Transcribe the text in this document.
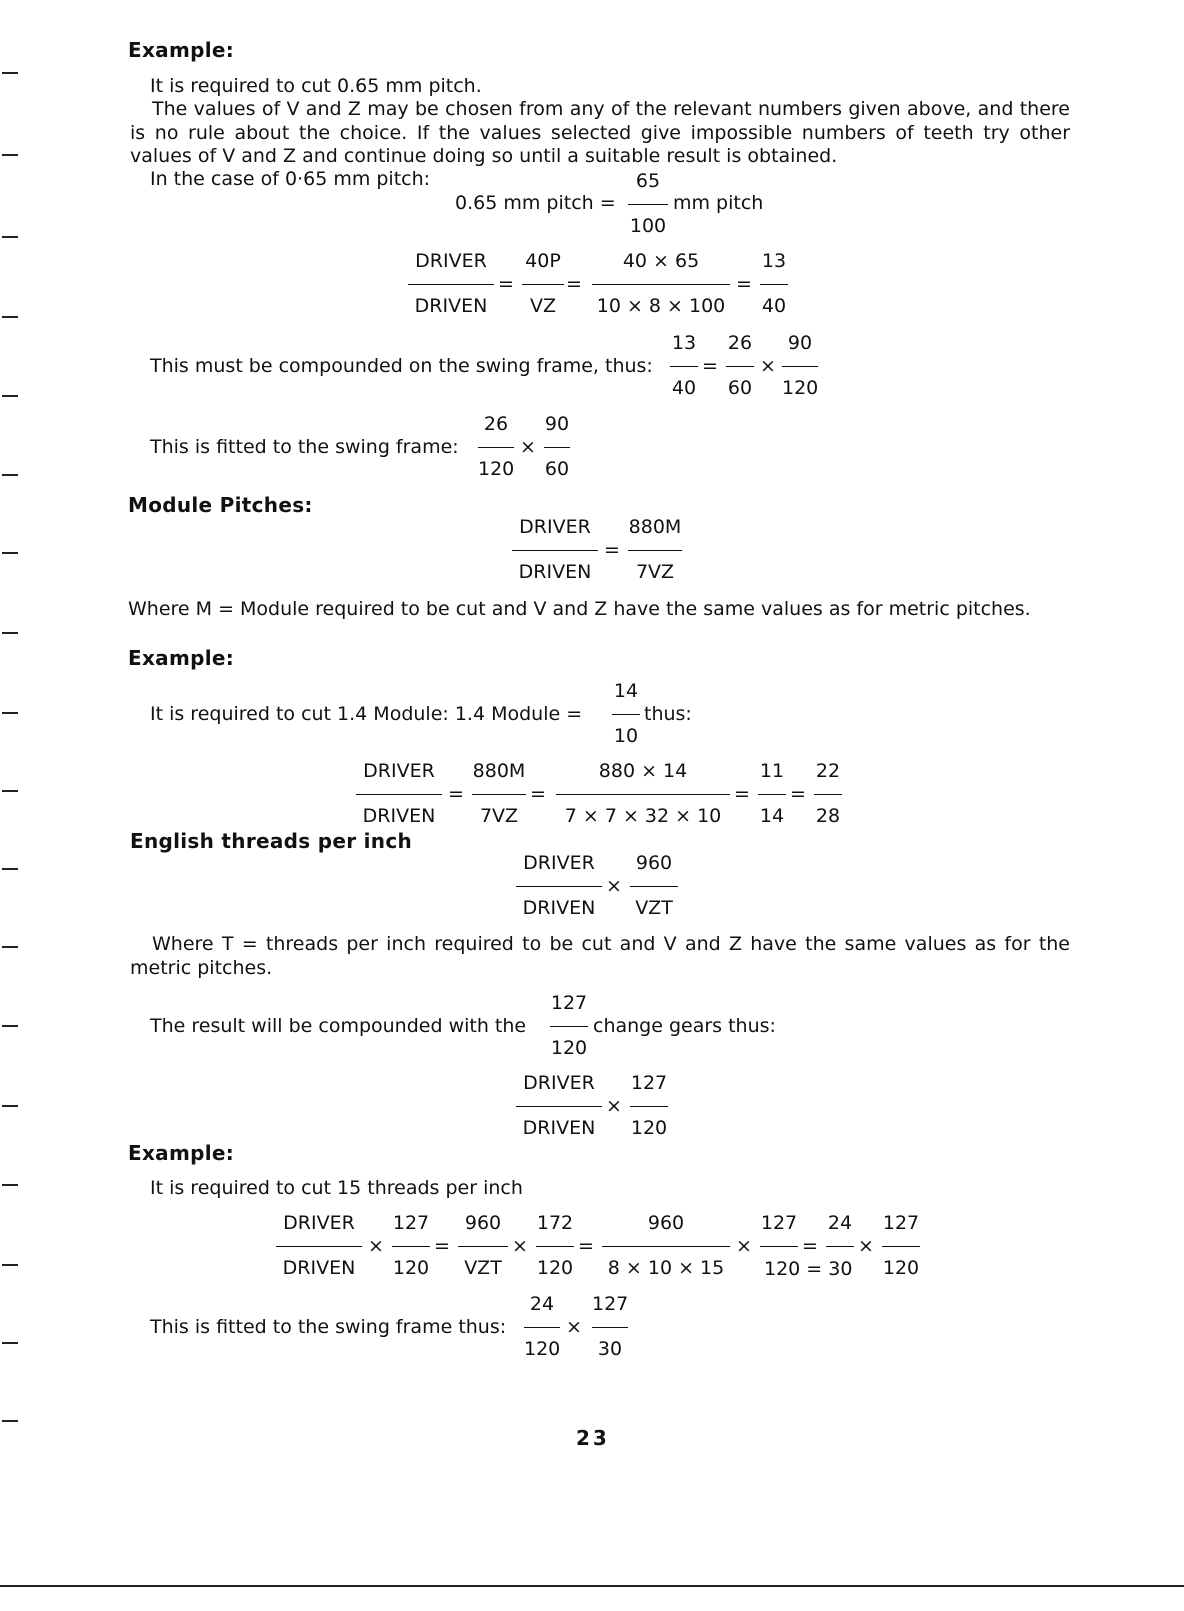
Example:
It is required to cut 0.65 mm pitch.
The values of V and Z may be chosen from any of the relevant numbers given above, and there is no rule about the choice. If the values selected give impossible numbers of teeth try other values of V and Z and continue doing so until a suitable result is obtained.
In the case of 0·65 mm pitch:
0.65 mm pitch =
65
100
mm pitch
DRIVER
DRIVEN
=
40P
VZ
=
40 × 65
10 × 8 × 100
=
13
40
This must be compounded on the swing frame, thus:
13
40
=
26
60
×
90
120
This is fitted to the swing frame:
26
120
×
90
60
Module Pitches:
DRIVER
DRIVEN
=
880M
7VZ
Where M = Module required to be cut and V and Z have the same values as for metric pitches.
Example:
It is required to cut 1.4 Module: 1.4 Module =
14
10
thus:
DRIVER
DRIVEN
=
880M
7VZ
=
880 × 14
7 × 7 × 32 × 10
=
11
14
=
22
28
English threads per inch
DRIVER
DRIVEN
×
960
VZT
Where T = threads per inch required to be cut and V and Z have the same values as for the metric pitches.
The result will be compounded with the
127
120
change gears thus:
DRIVER
DRIVEN
×
127
120
Example:
It is required to cut 15 threads per inch
DRIVER
DRIVEN
×
127
120
=
960
VZT
×
172
120
=
960
8 × 10 × 15
×
127
=
24
120 = 30
×
127
120
This is fitted to the swing frame thus:
24
120
×
127
30
23
